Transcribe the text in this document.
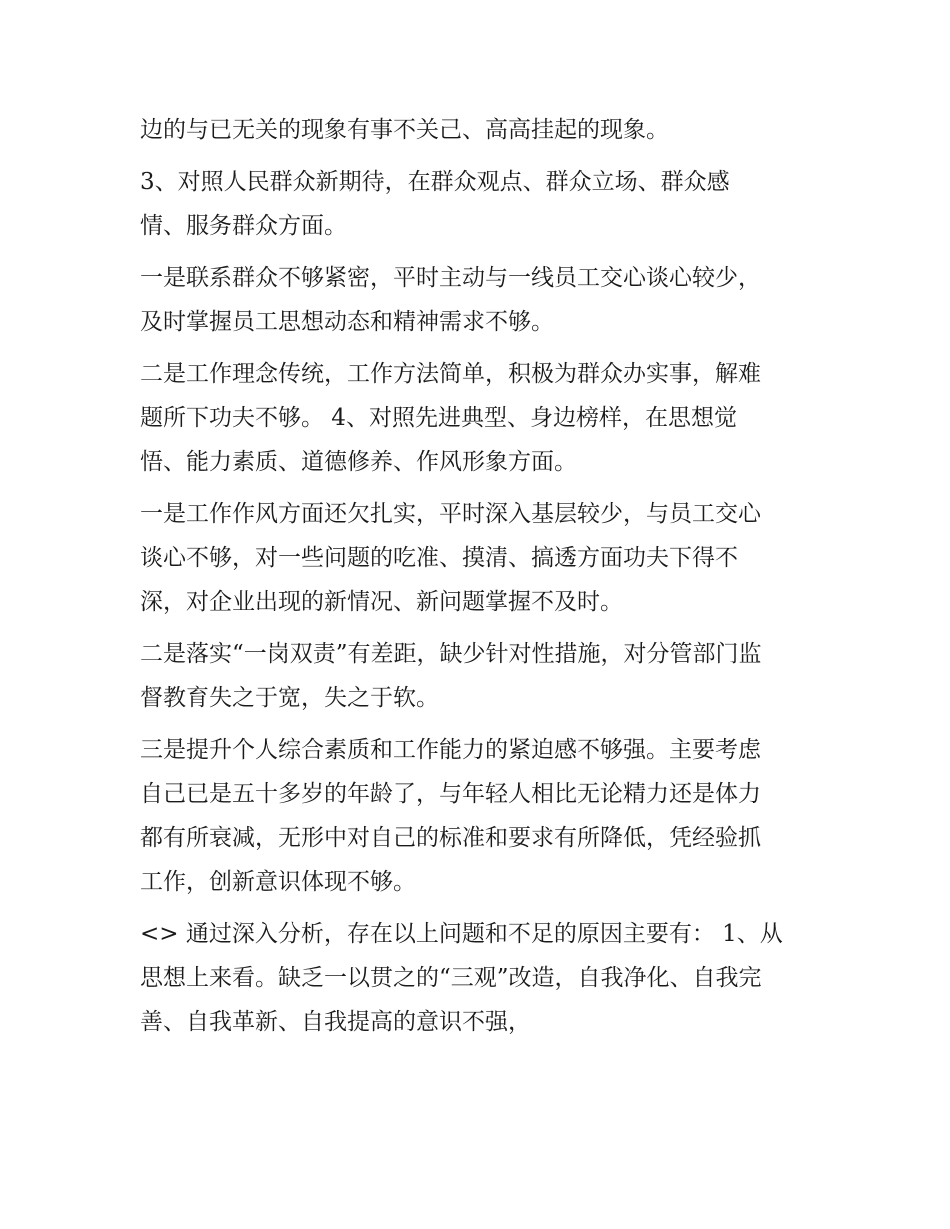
边的与已无关的现象有事不关己、高高挂起的现象。

3、对照人民群众新期待，在群众观点、群众立场、群众感
情、服务群众方面。

一是联系群众不够紧密，平时主动与一线员工交心谈心较少，
及时掌握员工思想动态和精神需求不够。

二是工作理念传统，工作方法简单，积极为群众办实事，解难
题所下功夫不够。 4、对照先进典型、身边榜样，在思想觉
悟、能力素质、道德修养、作风形象方面。

一是工作作风方面还欠扎实，平时深入基层较少，与员工交心
谈心不够，对一些问题的吃准、摸清、搞透方面功夫下得不
深，对企业出现的新情况、新问题掌握不及时。

二是落实“一岗双责”有差距，缺少针对性措施，对分管部门监
督教育失之于宽，失之于软。

三是提升个人综合素质和工作能力的紧迫感不够强。主要考虑
自己已是五十多岁的年龄了，与年轻人相比无论精力还是体力
都有所衰减，无形中对自己的标准和要求有所降低，凭经验抓
工作，创新意识体现不够。

<> 通过深入分析，存在以上问题和不足的原因主要有： 1、从
思想上来看。缺乏一以贯之的“三观”改造，自我净化、自我完
善、自我革新、自我提高的意识不强，
